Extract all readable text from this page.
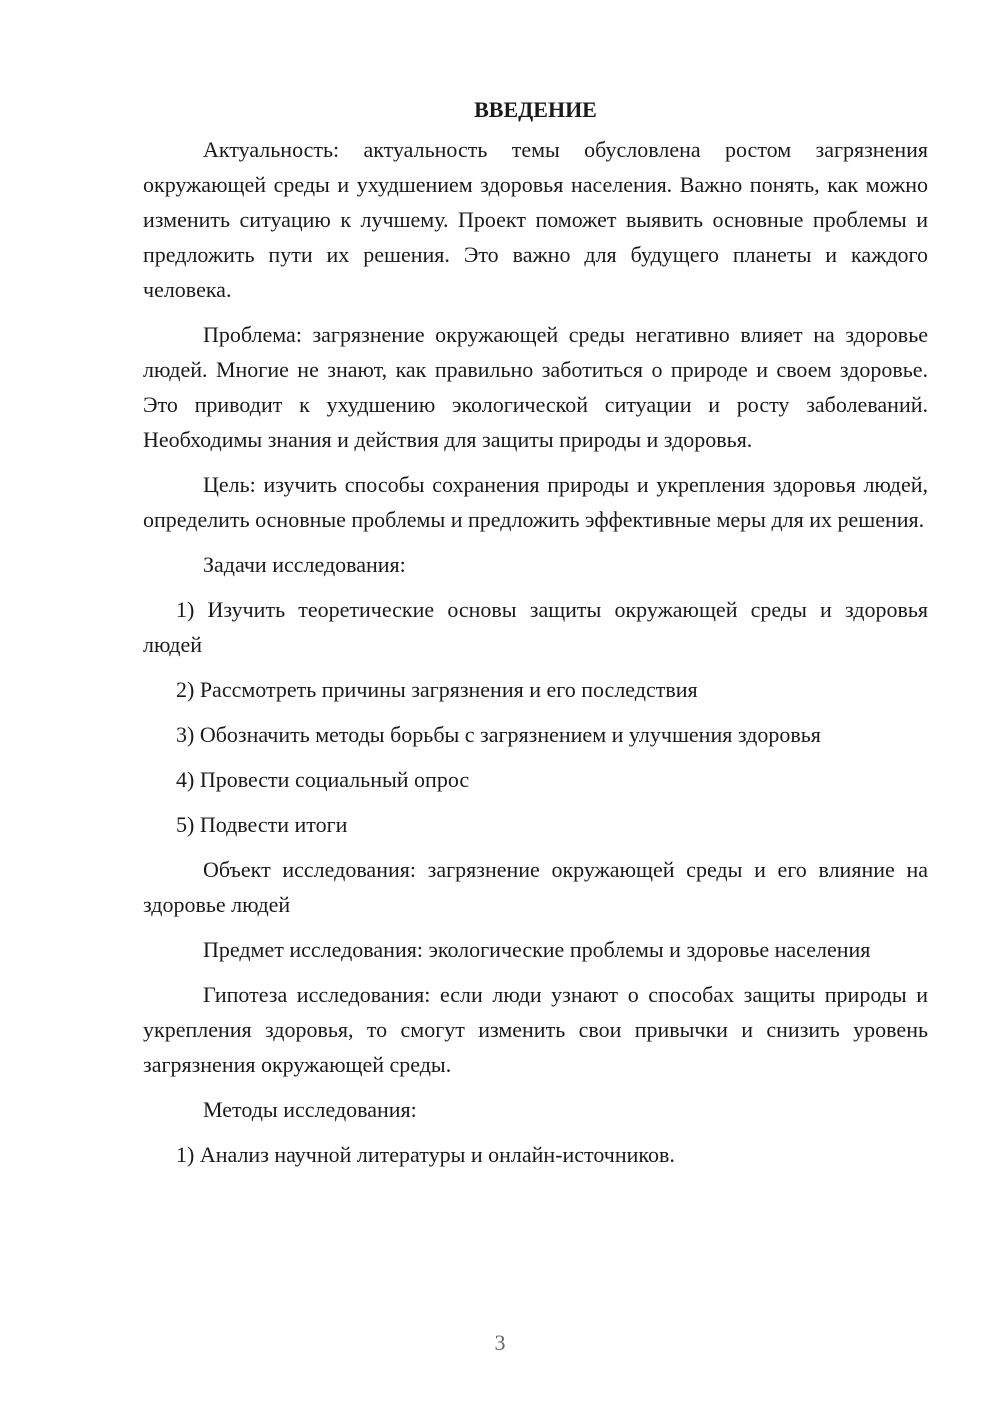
ВВЕДЕНИЕ

Актуальность: актуальность темы обусловлена ростом загрязнения окружающей среды и ухудшением здоровья населения. Важно понять, как можно изменить ситуацию к лучшему. Проект поможет выявить основные проблемы и предложить пути их решения. Это важно для будущего планеты и каждого человека.

Проблема: загрязнение окружающей среды негативно влияет на здоровье людей. Многие не знают, как правильно заботиться о природе и своем здоровье. Это приводит к ухудшению экологической ситуации и росту заболеваний. Необходимы знания и действия для защиты природы и здоровья.

Цель: изучить способы сохранения природы и укрепления здоровья людей, определить основные проблемы и предложить эффективные меры для их решения.

Задачи исследования:

1) Изучить теоретические основы защиты окружающей среды и здоровья людей

2) Рассмотреть причины загрязнения и его последствия

3) Обозначить методы борьбы с загрязнением и улучшения здоровья

4) Провести социальный опрос

5) Подвести итоги

Объект исследования: загрязнение окружающей среды и его влияние на здоровье людей

Предмет исследования: экологические проблемы и здоровье населения

Гипотеза исследования: если люди узнают о способах защиты природы и укрепления здоровья, то смогут изменить свои привычки и снизить уровень загрязнения окружающей среды.

Методы исследования:

1) Анализ научной литературы и онлайн-источников.

3
